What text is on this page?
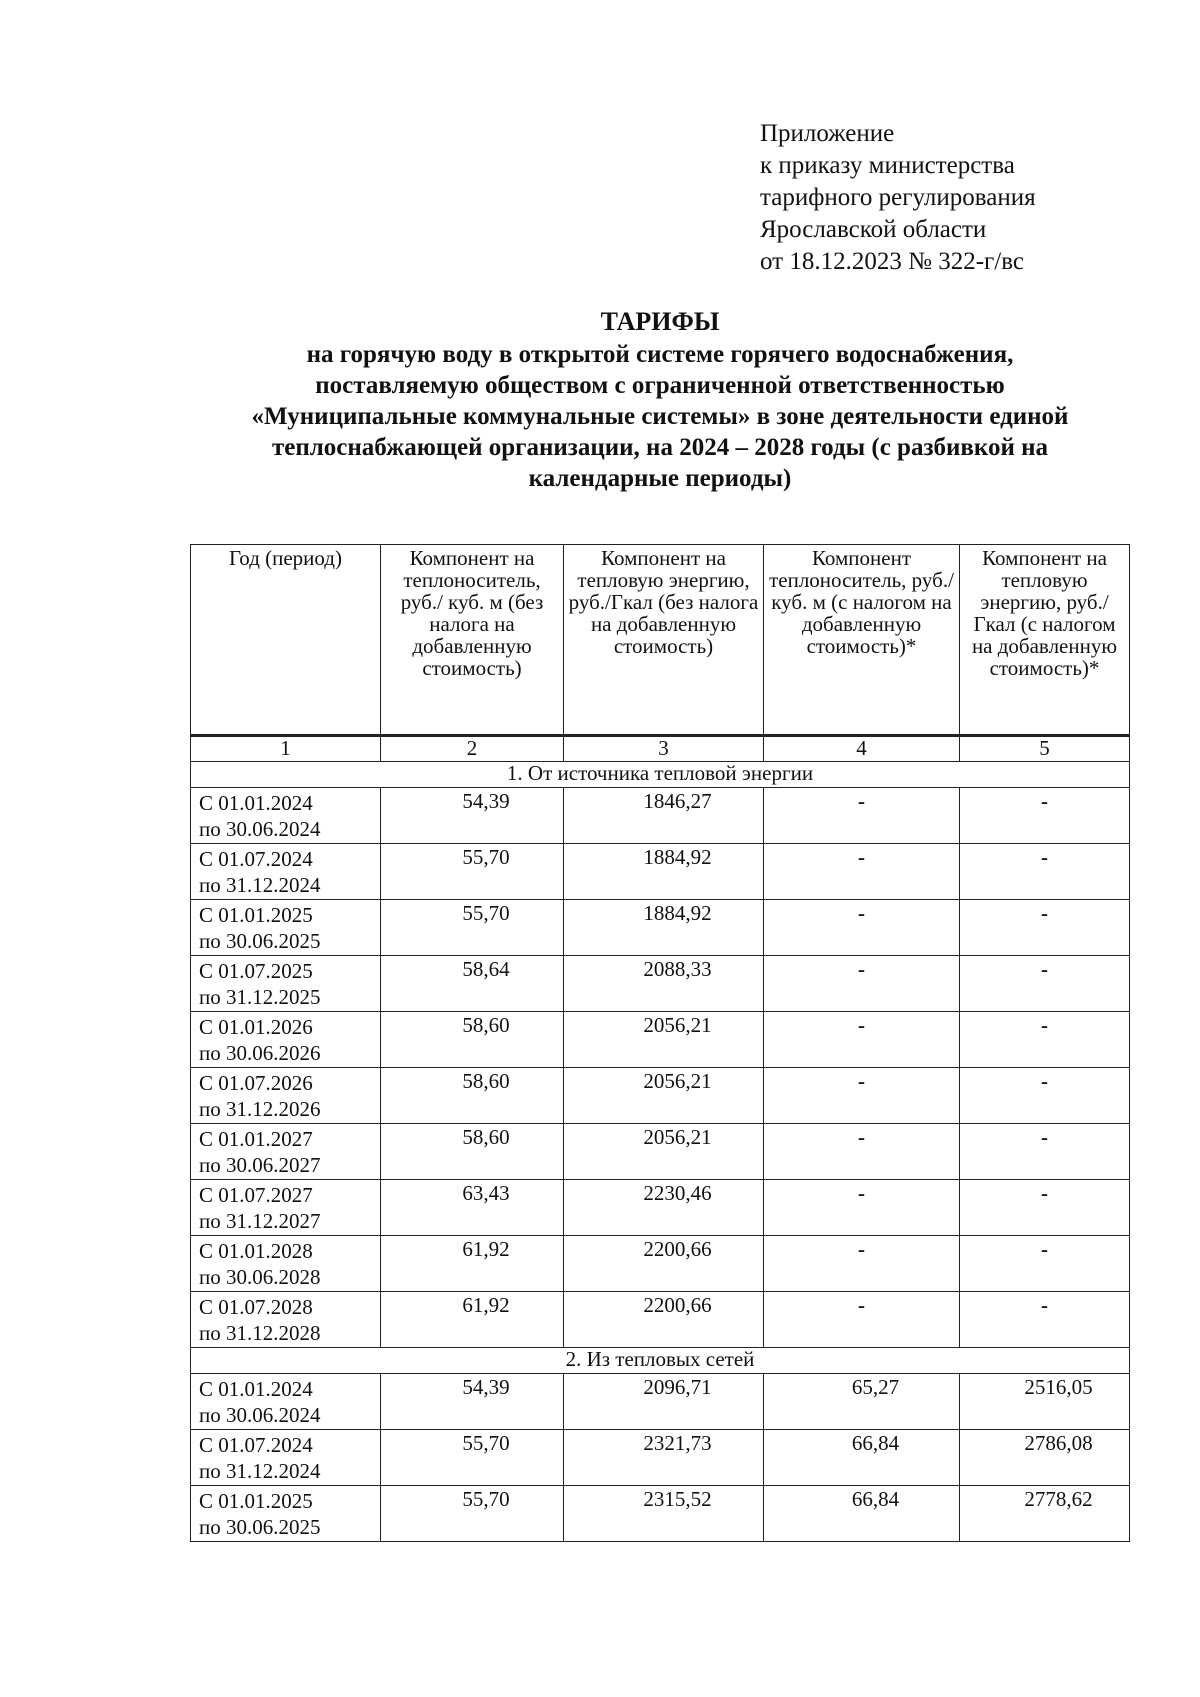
Приложение
к приказу министерства
тарифного регулирования
Ярославской области
от 18.12.2023 № 322-г/вс
ТАРИФЫ
на горячую воду в открытой системе горячего водоснабжения,
поставляемую обществом с ограниченной ответственностью
«Муниципальные коммунальные системы» в зоне деятельности единой
теплоснабжающей организации, на 2024 – 2028 годы (с разбивкой на
календарные периоды)
Год (период)	Компонент на теплоноситель, руб./ куб. м (без налога на добавленную стоимость)	Компонент на тепловую энергию, руб./Гкал (без налога на добавленную стоимость)	Компонент теплоноситель, руб./ куб. м (с налогом на добавленную стоимость)*	Компонент на тепловую энергию, руб./Гкал (с налогом на добавленную стоимость)*
1	2	3	4	5
1. От источника тепловой энергии				

С 01.01.2024
по 30.06.2024	54,39	1846,27	-	-

С 01.07.2024
по 31.12.2024	55,70	1884,92	-	-

С 01.01.2025
по 30.06.2025	55,70	1884,92	-	-

С 01.07.2025
по 31.12.2025	58,64	2088,33	-	-

С 01.01.2026
по 30.06.2026	58,60	2056,21	-	-

С 01.07.2026
по 31.12.2026	58,60	2056,21	-	-

С 01.01.2027
по 30.06.2027	58,60	2056,21	-	-

С 01.07.2027
по 31.12.2027	63,43	2230,46	-	-

С 01.01.2028
по 30.06.2028	61,92	2200,66	-	-

С 01.07.2028
по 31.12.2028	61,92	2200,66	-	-
2. Из тепловых сетей				

С 01.01.2024
по 30.06.2024	54,39	2096,71	65,27	2516,05

С 01.07.2024
по 31.12.2024	55,70	2321,73	66,84	2786,08

С 01.01.2025
по 30.06.2025	55,70	2315,52	66,84	2778,62
